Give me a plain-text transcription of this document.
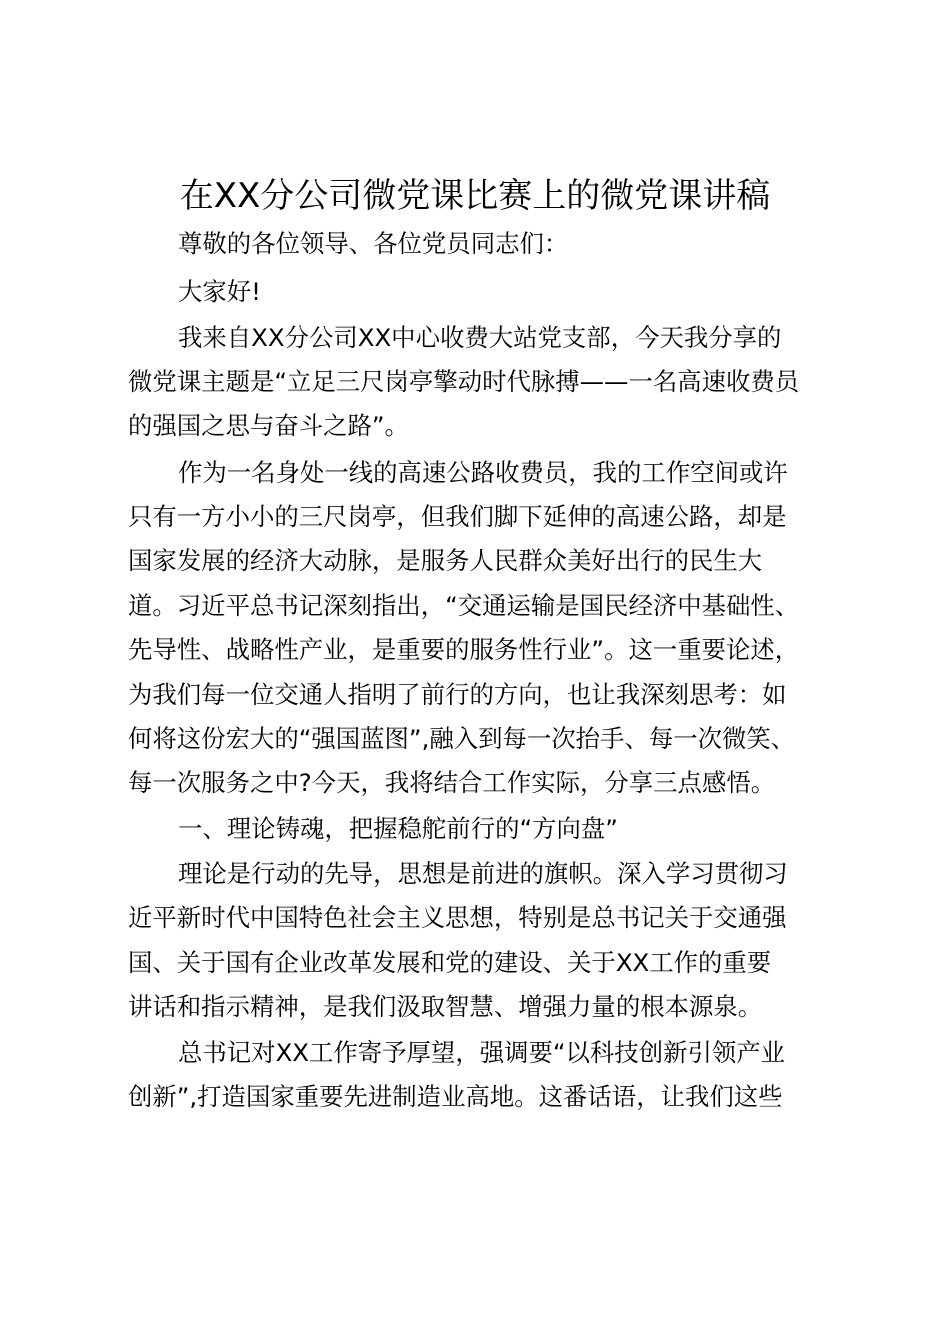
在XX分公司微党课比赛上的微党课讲稿
尊敬的各位领导、各位党员同志们：
大家好!
我来自XX分公司XX中心收费大站党支部，今天我分享的
微党课主题是“立足三尺岗亭擎动时代脉搏——一名高速收费员
的强国之思与奋斗之路”。
作为一名身处一线的高速公路收费员，我的工作空间或许
只有一方小小的三尺岗亭，但我们脚下延伸的高速公路，却是
国家发展的经济大动脉，是服务人民群众美好出行的民生大
道。习近平总书记深刻指出，“交通运输是国民经济中基础性、
先导性、战略性产业，是重要的服务性行业”。这一重要论述，
为我们每一位交通人指明了前行的方向，也让我深刻思考：如
何将这份宏大的“强国蓝图”,融入到每一次抬手、每一次微笑、
每一次服务之中?今天，我将结合工作实际，分享三点感悟。
一、理论铸魂，把握稳舵前行的“方向盘”
理论是行动的先导，思想是前进的旗帜。深入学习贯彻习
近平新时代中国特色社会主义思想，特别是总书记关于交通强
国、关于国有企业改革发展和党的建设、关于XX工作的重要
讲话和指示精神，是我们汲取智慧、增强力量的根本源泉。
总书记对XX工作寄予厚望，强调要“以科技创新引领产业
创新”,打造国家重要先进制造业高地。这番话语，让我们这些
